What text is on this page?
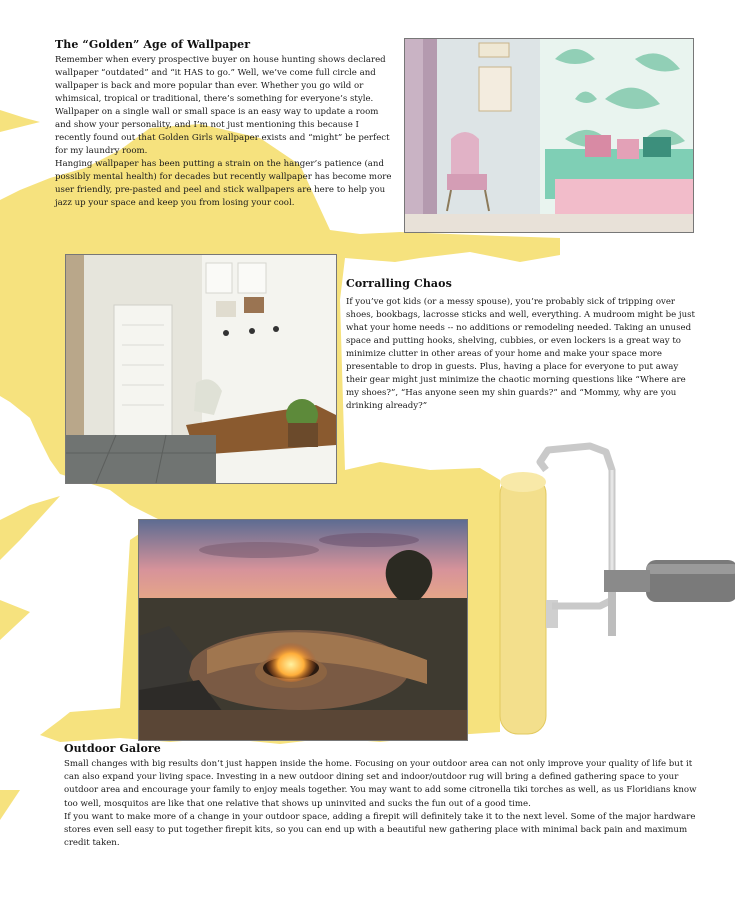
The “Golden” Age of Wallpaper

Remember when every prospective buyer on house hunting shows declared wallpaper “outdated” and “it HAS to go.” Well, we’ve come full circle and wallpaper is back and more popular than ever. Whether you go wild or whimsical, tropical or traditional, there’s something for everyone’s style. Wallpaper on a single wall or small space is an easy way to update a room and show your personality, and I’m not just mentioning this because I recently found out that Golden Girls wallpaper exists and “might” be perfect for my laundry room.

Hanging wallpaper has been putting a strain on the hanger’s patience (and possibly mental health) for decades but recently wallpaper has become more user friendly, pre-pasted and peel and stick wallpapers are here to help you jazz up your space and keep you from losing your cool.

Corralling Chaos

If you’ve got kids (or a messy spouse), you’re probably sick of tripping over shoes, bookbags, lacrosse sticks and well, everything. A mudroom might be just what your home needs -- no additions or remodeling needed. Taking an unused space and putting hooks, shelving, cubbies, or even lockers is a great way to minimize clutter in other areas of your home and make your space more presentable to drop in guests. Plus, having a place for everyone to put away their gear might just minimize the chaotic morning questions like “Where are my shoes?”, “Has anyone seen my shin guards?” and “Mommy, why are you drinking already?”

Outdoor Galore

Small changes with big results don’t just happen inside the home. Focusing on your outdoor area can not only improve your quality of life but it can also expand your living space. Investing in a new outdoor dining set and indoor/outdoor rug will bring a defined gathering space to your outdoor area and encourage your family to enjoy meals together. You may want to add some citronella tiki torches as well, as us Floridians know too well, mosquitos are like that one relative that shows up uninvited and sucks the fun out of a good time.

If you want to make more of a change in your outdoor space, adding a firepit will definitely take it to the next level. Some of the major hardware stores even sell easy to put together firepit kits, so you can end up with a beautiful new gathering place with minimal back pain and maximum credit taken.
